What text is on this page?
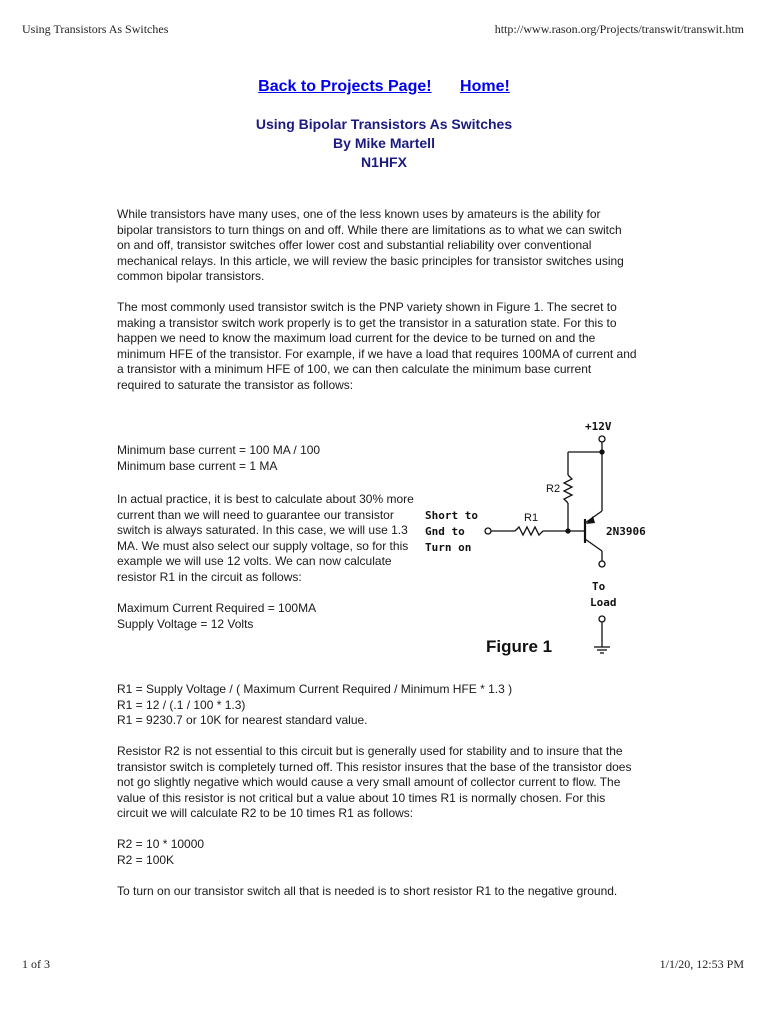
Using Transistors As Switches	http://www.rason.org/Projects/transwit/transwit.htm
Back to Projects Page! Home!
Using Bipolar Transistors As Switches
By Mike Martell
N1HFX

While transistors have many uses, one of the less known uses by amateurs is the ability for bipolar transistors to turn things on and off. While there are limitations as to what we can switch on and off, transistor switches offer lower cost and substantial reliability over conventional mechanical relays. In this article, we will review the basic principles for transistor switches using common bipolar transistors.

The most commonly used transistor switch is the PNP variety shown in Figure 1. The secret to making a transistor switch work properly is to get the transistor in a saturation state. For this to happen we need to know the maximum load current for the device to be turned on and the minimum HFE of the transistor. For example, if we have a load that requires 100MA of current and a transistor with a minimum HFE of 100, we can then calculate the minimum base current required to saturate the transistor as follows:

Minimum base current = 100 MA / 100

Minimum base current = 1 MA

In actual practice, it is best to calculate about 30% more current than we will need to guarantee our transistor switch is always saturated. In this case, we will use 1.3 MA. We must also select our supply voltage, so for this example we will use 12 volts. We can now calculate resistor R1 in the circuit as follows:

Maximum Current Required = 100MA

Supply Voltage = 12 Volts

R1 = Supply Voltage / ( Maximum Current Required / Minimum HFE * 1.3 )

R1 = 12 / (.1 / 100 * 1.3)

R1 = 9230.7 or 10K for nearest standard value.

Resistor R2 is not essential to this circuit but is generally used for stability and to insure that the transistor switch is completely turned off. This resistor insures that the base of the transistor does not go slightly negative which would cause a very small amount of collector current to flow. The value of this resistor is not critical but a value about 10 times R1 is normally chosen. For this circuit we will calculate R2 to be 10 times R1 as follows:

R2 = 10 * 10000

R2 = 100K

To turn on our transistor switch all that is needed is to short resistor R1 to the negative ground.

+12V
R2
R1
Short to
Gnd to
Turn on
2N3906
To
Load
Figure 1
1 of 3	1/1/20, 12:53 PM
